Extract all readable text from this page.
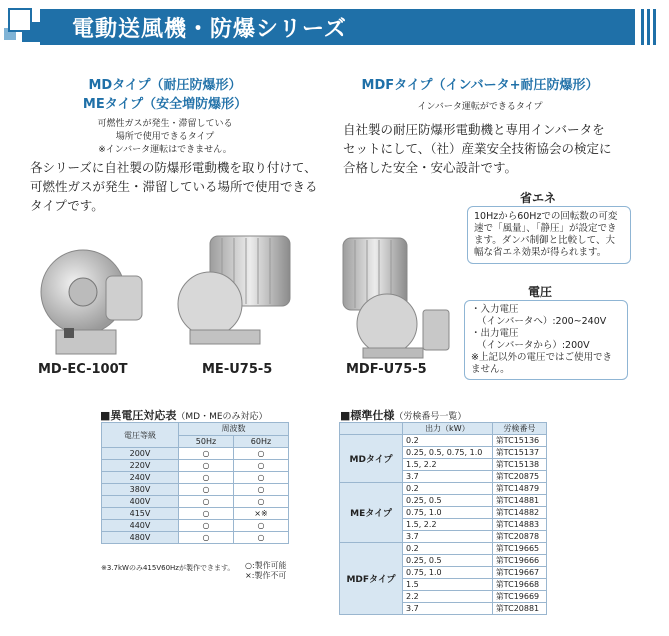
電動送風機・防爆シリーズ
MDタイプ（耐圧防爆形）
MEタイプ（安全増防爆形）
可燃性ガスが発生・滞留している
場所で使用できるタイプ
※インバータ運転はできません。
各シリーズに自社製の防爆形電動機を取り付けて、可燃性ガスが発生・滞留している場所で使用できるタイプです。
MDFタイプ（インバータ+耐圧防爆形）
インバータ運転ができるタイプ
自社製の耐圧防爆形電動機と専用インバータをセットにして、（社）産業安全技術協会の検定に合格した安全・安心設計です。
省エネ
10Hzから60Hzでの回転数の可変速で「風量」、「静圧」が設定できます。ダンパ制御と比較して、大幅な省エネ効果が得られます。
電圧
・入力電圧
（インバータへ）:200~240V
・出力電圧
（インバータから）:200V
※上記以外の電圧ではご使用できません。
MD-EC-100T	ME-U75-5	MDF-U75-5
■異電圧対応表（MD・MEのみ対応）
電圧等級	周波数	
	50Hz	60Hz
200V	○	○
220V	○	○
240V	○	○
380V	○	○
400V	○	○
415V	○	×※
440V	○	○
480V	○	○
※3.7kWのみ415V60Hzが製作できます。 ○:製作可能
×:製作不可
■標準仕様（労検番号一覧）
	出力（kW）	労検番号
MDタイプ	0.2	第TC15136
	0.25, 0.5, 0.75, 1.0	第TC15137
	1.5, 2.2	第TC15138
	3.7	第TC20875
MEタイプ	0.2	第TC14879
	0.25, 0.5	第TC14881
	0.75, 1.0	第TC14882
	1.5, 2.2	第TC14883
	3.7	第TC20878
MDFタイプ	0.2	第TC19665
	0.25, 0.5	第TC19666
	0.75, 1.0	第TC19667
	1.5	第TC19668
	2.2	第TC19669
	3.7	第TC20881
